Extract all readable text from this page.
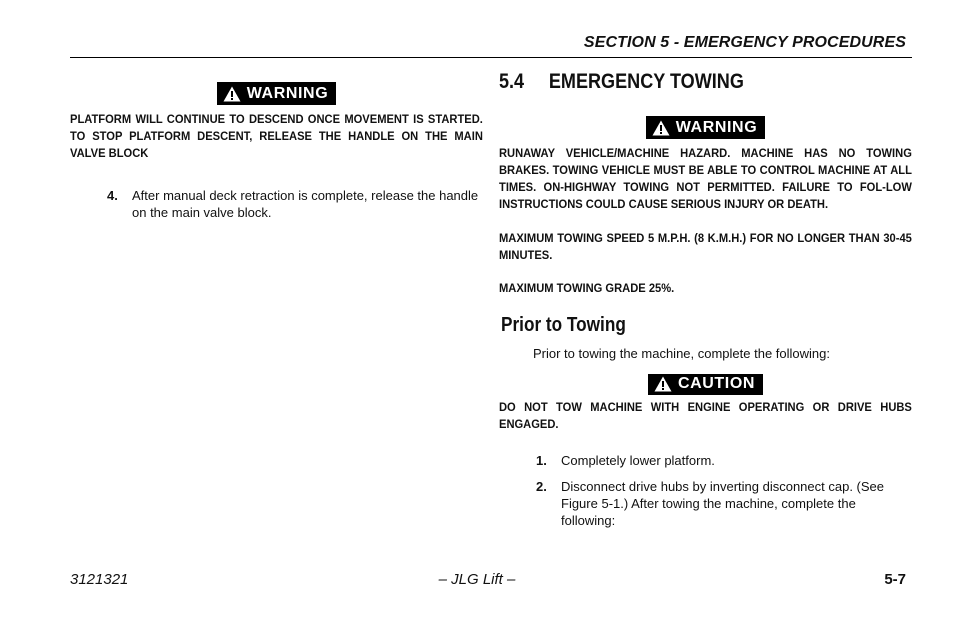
SECTION 5 - EMERGENCY PROCEDURES
WARNING

PLATFORM WILL CONTINUE TO DESCEND ONCE MOVEMENT IS STARTED. TO STOP PLATFORM DESCENT, RELEASE THE HANDLE ON THE MAIN VALVE BLOCK

4. After manual deck retraction is complete, release the handle on the main valve block.
5.4 EMERGENCY TOWING
WARNING

RUNAWAY VEHICLE/MACHINE HAZARD. MACHINE HAS NO TOWING BRAKES. TOWING VEHICLE MUST BE ABLE TO CONTROL MACHINE AT ALL TIMES. ON-HIGHWAY TOWING NOT PERMITTED. FAILURE TO FOL-LOW INSTRUCTIONS COULD CAUSE SERIOUS INJURY OR DEATH.

MAXIMUM TOWING SPEED 5 M.P.H. (8 K.M.H.) FOR NO LONGER THAN 30-45 MINUTES.

MAXIMUM TOWING GRADE 25%.

Prior to Towing
Prior to towing the machine, complete the following:
CAUTION

DO NOT TOW MACHINE WITH ENGINE OPERATING OR DRIVE HUBS ENGAGED.

1. Completely lower platform.
2. Disconnect drive hubs by inverting disconnect cap. (See Figure 5-1.) After towing the machine, complete the following:
3121321	– JLG Lift –	5-7
